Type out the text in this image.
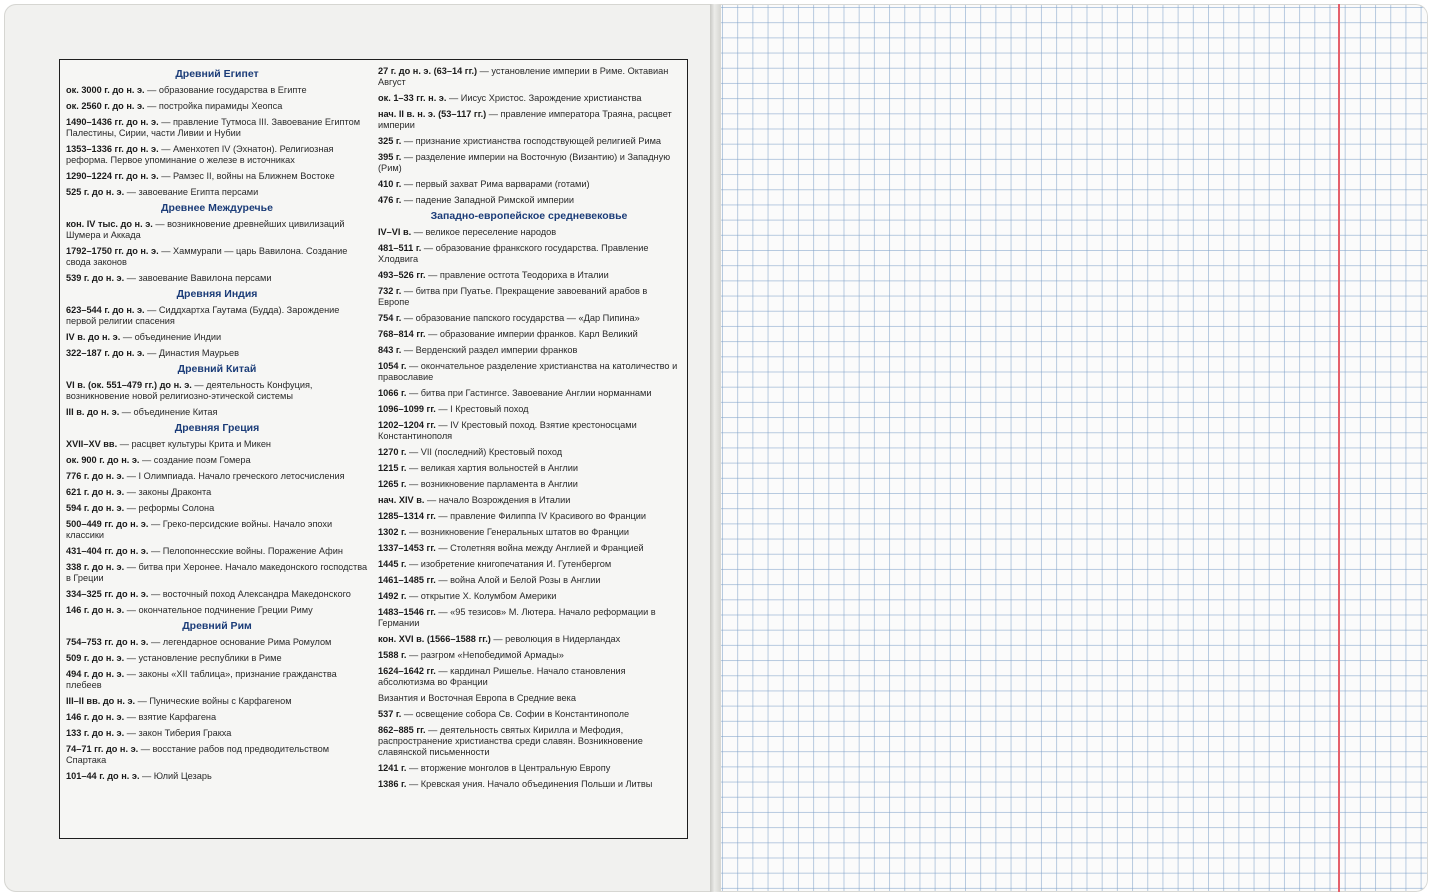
Древний Египет
ок. 3000 г. до н. э. — образование государства в Египте
ок. 2560 г. до н. э. — постройка пирамиды Хеопса
1490–1436 гг. до н. э. — правление Тутмоса III. Завоевание Египтом Палестины, Сирии, части Ливии и Нубии
1353–1336 гг. до н. э. — Аменхотеп IV (Эхнатон). Религиозная реформа. Первое упоминание о железе в источниках
1290–1224 гг. до н. э. — Рамзес II, войны на Ближнем Востоке
525 г. до н. э. — завоевание Египта персами
Древнее Междуречье
кон. IV тыс. до н. э. — возникновение древнейших цивилизаций Шумера и Аккада
1792–1750 гг. до н. э. — Хаммурапи — царь Вавилона. Создание свода законов
539 г. до н. э. — завоевание Вавилона персами
Древняя Индия
623–544 г. до н. э. — Сиддхартха Гаутама (Будда). Зарождение первой религии спасения
IV в. до н. э. — объединение Индии
322–187 г. до н. э. — Династия Маурьев
Древний Китай
VI в. (ок. 551–479 гг.) до н. э. — деятельность Конфуция, возникновение новой религиозно-этической системы
III в. до н. э. — объединение Китая
Древняя Греция
XVII–XV вв. — расцвет культуры Крита и Микен
ок. 900 г. до н. э. — создание поэм Гомера
776 г. до н. э. — I Олимпиада. Начало греческого летосчисления
621 г. до н. э. — законы Драконта
594 г. до н. э. — реформы Солона
500–449 гг. до н. э. — Греко-персидские войны. Начало эпохи классики
431–404 гг. до н. э. — Пелопоннесские войны. Поражение Афин
338 г. до н. э. — битва при Херонее. Начало македонского господства в Греции
334–325 гг. до н. э. — восточный поход Александра Македонского
146 г. до н. э. — окончательное подчинение Греции Риму
Древний Рим
754–753 гг. до н. э. — легендарное основание Рима Ромулом
509 г. до н. э. — установление республики в Риме
494 г. до н. э. — законы «XII таблица», признание гражданства плебеев
III–II вв. до н. э. — Пунические войны с Карфагеном
146 г. до н. э. — взятие Карфагена
133 г. до н. э. — закон Тиберия Гракха
74–71 гг. до н. э. — восстание рабов под предводительством Спартака
101–44 г. до н. э. — Юлий Цезарь
27 г. до н. э. (63–14 гг.) — установление империи в Риме. Октавиан Август
ок. 1–33 гг. н. э. — Иисус Христос. Зарождение христианства
нач. II в. н. э. (53–117 гг.) — правление императора Траяна, расцвет империи
325 г. — признание христианства господствующей религией Рима
395 г. — разделение империи на Восточную (Византию) и Западную (Рим)
410 г. — первый захват Рима варварами (готами)
476 г. — падение Западной Римской империи
Западно-европейское средневековье
IV–VI в. — великое переселение народов
481–511 г. — образование франкского государства. Правление Хлодвига
493–526 гг. — правление остгота Теодориха в Италии
732 г. — битва при Пуатье. Прекращение завоеваний арабов в Европе
754 г. — образование папского государства — «Дар Пипина»
768–814 гг. — образование империи франков. Карл Великий
843 г. — Верденский раздел империи франков
1054 г. — окончательное разделение христианства на католичество и православие
1066 г. — битва при Гастингсе. Завоевание Англии норманнами
1096–1099 гг. — I Крестовый поход
1202–1204 гг. — IV Крестовый поход. Взятие крестоносцами Константинополя
1270 г. — VII (последний) Крестовый поход
1215 г. — великая хартия вольностей в Англии
1265 г. — возникновение парламента в Англии
нач. XIV в. — начало Возрождения в Италии
1285–1314 гг. — правление Филиппа IV Красивого во Франции
1302 г. — возникновение Генеральных штатов во Франции
1337–1453 гг. — Столетняя война между Англией и Францией
1445 г. — изобретение книгопечатания И. Гутенбергом
1461–1485 гг. — война Алой и Белой Розы в Англии
1492 г. — открытие Х. Колумбом Америки
1483–1546 гг. — «95 тезисов» М. Лютера. Начало реформации в Германии
кон. XVI в. (1566–1588 гг.) — революция в Нидерландах
1588 г. — разгром «Непобедимой Армады»
1624–1642 гг. — кардинал Ришелье. Начало становления абсолютизма во Франции
Византия и Восточная Европа в Средние века
537 г. — освещение собора Св. Софии в Константинополе
862–885 гг. — деятельность святых Кирилла и Мефодия, распространение христианства среди славян. Возникновение славянской письменности
1241 г. — вторжение монголов в Центральную Европу
1386 г. — Кревская уния. Начало объединения Польши и Литвы
